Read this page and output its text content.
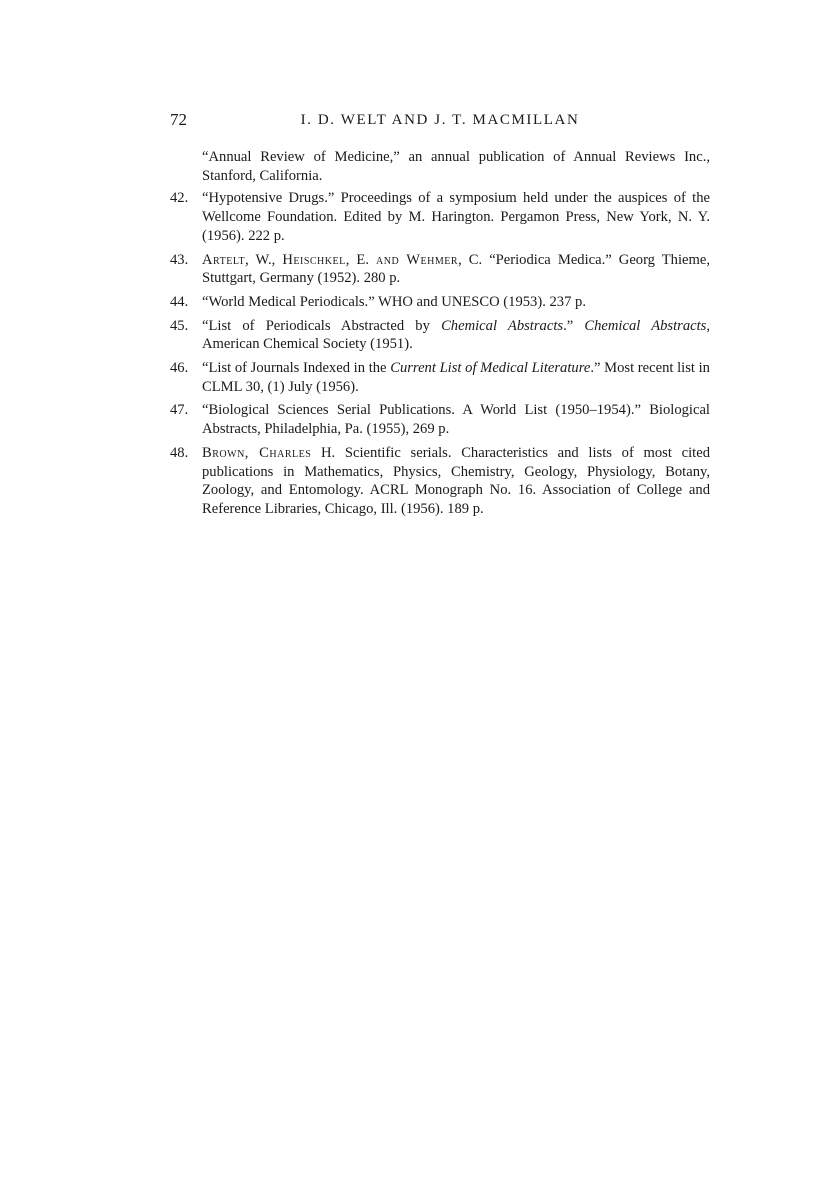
72	I. D. WELT AND J. T. MACMILLAN

“Annual Review of Medicine,” an annual publication of Annual Reviews Inc., Stanford, California.

42. “Hypotensive Drugs.” Proceedings of a symposium held under the auspices of the Wellcome Foundation. Edited by M. Harington. Pergamon Press, New York, N. Y. (1956). 222 p.

43. Artelt, W., Heischkel, E. and Wehmer, C. “Periodica Medica.” Georg Thieme, Stuttgart, Germany (1952). 280 p.

44. “World Medical Periodicals.” WHO and UNESCO (1953). 237 p.

45. “List of Periodicals Abstracted by Chemical Abstracts.” Chemical Abstracts, American Chemical Society (1951).

46. “List of Journals Indexed in the Current List of Medical Literature.” Most recent list in CLML 30, (1) July (1956).

47. “Biological Sciences Serial Publications. A World List (1950–1954).” Biological Abstracts, Philadelphia, Pa. (1955), 269 p.

48. Brown, Charles H. Scientific serials. Characteristics and lists of most cited publications in Mathematics, Physics, Chemistry, Geology, Physiology, Botany, Zoology, and Entomology. ACRL Monograph No. 16. Association of College and Reference Libraries, Chicago, Ill. (1956). 189 p.
